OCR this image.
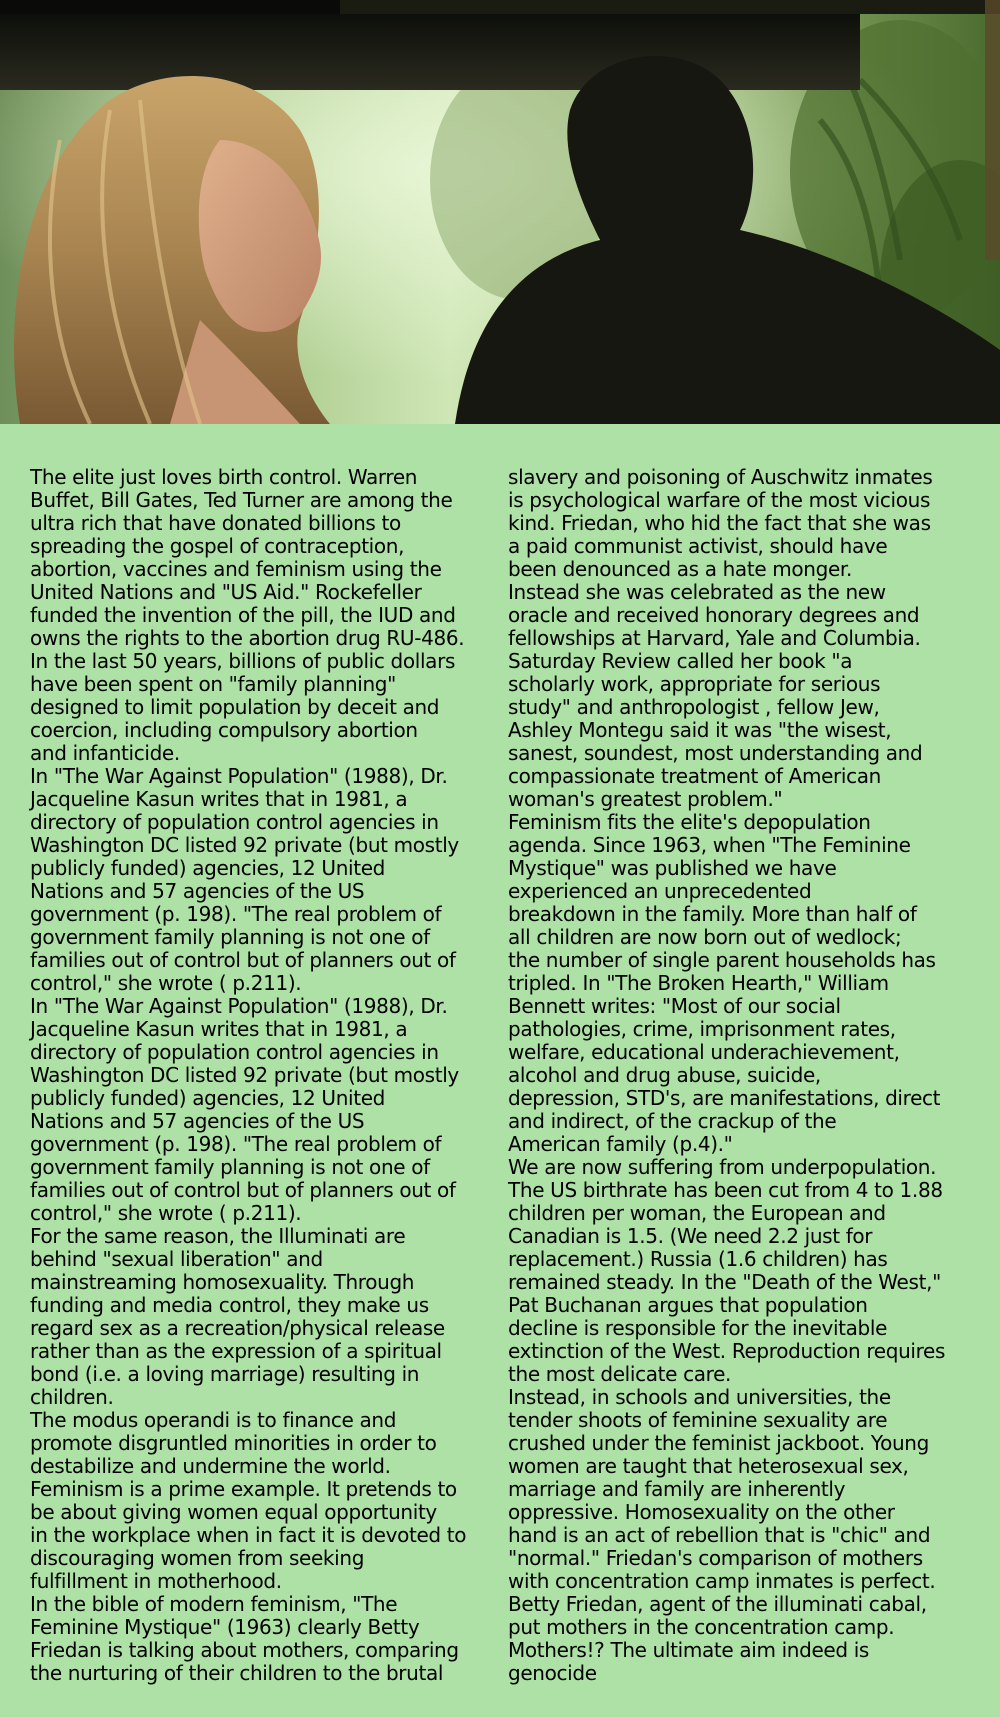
The elite just loves birth control. Warren
Buffet, Bill Gates, Ted Turner are among the
ultra rich that have donated billions to
spreading the gospel of contraception,
abortion, vaccines and feminism using the
United Nations and "US Aid." Rockefeller
funded the invention of the pill, the IUD and
owns the rights to the abortion drug RU-486.
In the last 50 years, billions of public dollars
have been spent on "family planning"
designed to limit population by deceit and
coercion, including compulsory abortion
and infanticide.

In "The War Against Population" (1988), Dr.
Jacqueline Kasun writes that in 1981, a
directory of population control agencies in
Washington DC listed 92 private (but mostly
publicly funded) agencies, 12 United
Nations and 57 agencies of the US
government (p. 198). "The real problem of
government family planning is not one of
families out of control but of planners out of
control," she wrote ( p.211).

In "The War Against Population" (1988), Dr.
Jacqueline Kasun writes that in 1981, a
directory of population control agencies in
Washington DC listed 92 private (but mostly
publicly funded) agencies, 12 United
Nations and 57 agencies of the US
government (p. 198). "The real problem of
government family planning is not one of
families out of control but of planners out of
control," she wrote ( p.211).

For the same reason, the Illuminati are
behind "sexual liberation" and
mainstreaming homosexuality. Through
funding and media control, they make us
regard sex as a recreation/physical release
rather than as the expression of a spiritual
bond (i.e. a loving marriage) resulting in
children.

The modus operandi is to finance and
promote disgruntled minorities in order to
destabilize and undermine the world.
Feminism is a prime example. It pretends to
be about giving women equal opportunity
in the workplace when in fact it is devoted to
discouraging women from seeking
fulfillment in motherhood.

In the bible of modern feminism, "The
Feminine Mystique" (1963) clearly Betty
Friedan is talking about mothers, comparing
the nurturing of their children to the brutal

slavery and poisoning of Auschwitz inmates
is psychological warfare of the most vicious
kind. Friedan, who hid the fact that she was
a paid communist activist, should have
been denounced as a hate monger.
Instead she was celebrated as the new
oracle and received honorary degrees and
fellowships at Harvard, Yale and Columbia.
Saturday Review called her book "a
scholarly work, appropriate for serious
study" and anthropologist , fellow Jew,
Ashley Montegu said it was "the wisest,
sanest, soundest, most understanding and
compassionate treatment of American
woman's greatest problem."

Feminism fits the elite's depopulation
agenda. Since 1963, when "The Feminine
Mystique" was published we have
experienced an unprecedented
breakdown in the family. More than half of
all children are now born out of wedlock;
the number of single parent households has
tripled. In "The Broken Hearth," William
Bennett writes: "Most of our social
pathologies, crime, imprisonment rates,
welfare, educational underachievement,
alcohol and drug abuse, suicide,
depression, STD's, are manifestations, direct
and indirect, of the crackup of the
American family (p.4)."

We are now suffering from underpopulation.
The US birthrate has been cut from 4 to 1.88
children per woman, the European and
Canadian is 1.5. (We need 2.2 just for
replacement.) Russia (1.6 children) has
remained steady. In the "Death of the West,"
Pat Buchanan argues that population
decline is responsible for the inevitable
extinction of the West. Reproduction requires
the most delicate care.

Instead, in schools and universities, the
tender shoots of feminine sexuality are
crushed under the feminist jackboot. Young
women are taught that heterosexual sex,
marriage and family are inherently
oppressive. Homosexuality on the other
hand is an act of rebellion that is "chic" and
"normal." Friedan's comparison of mothers
with concentration camp inmates is perfect.
Betty Friedan, agent of the illuminati cabal,
put mothers in the concentration camp.
Mothers!? The ultimate aim indeed is
genocide
